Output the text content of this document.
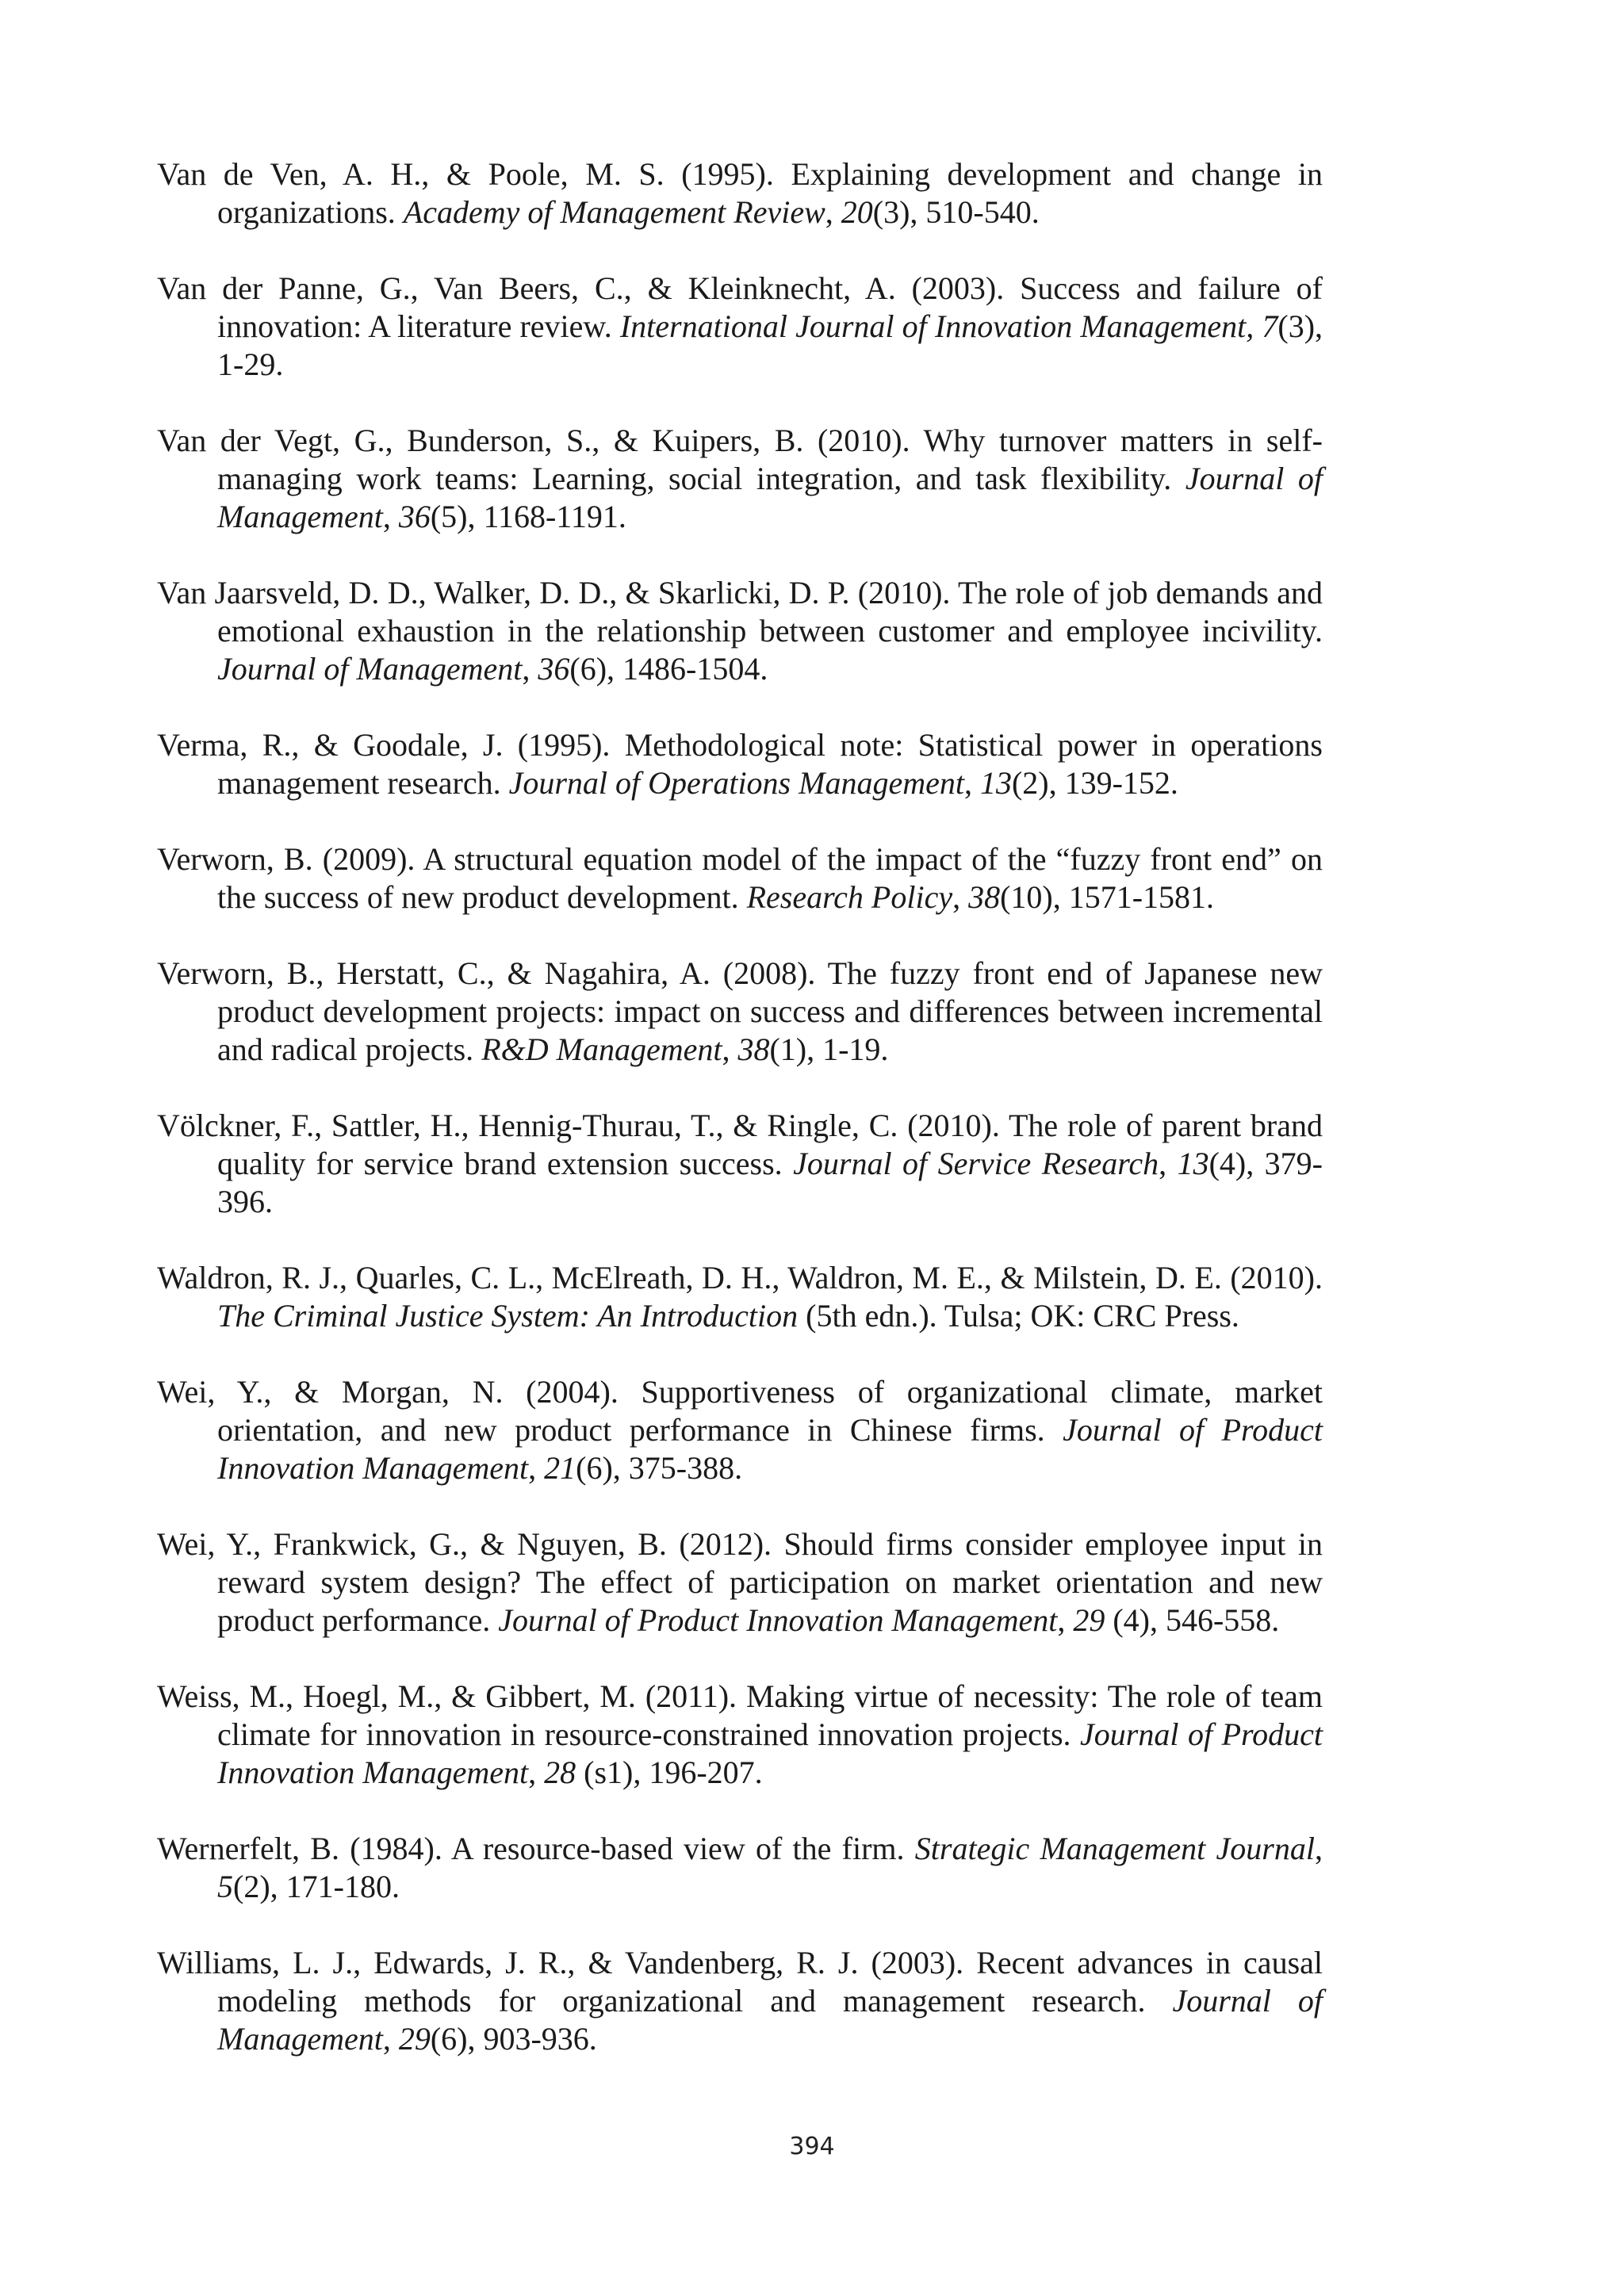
Van de Ven, A. H., & Poole, M. S. (1995). Explaining development and change in organizations. Academy of Management Review, 20(3), 510-540.
Van der Panne, G., Van Beers, C., & Kleinknecht, A. (2003). Success and failure of innovation: A literature review. International Journal of Innovation Management, 7(3), 1-29.
Van der Vegt, G., Bunderson, S., & Kuipers, B. (2010). Why turnover matters in self-managing work teams: Learning, social integration, and task flexibility. Journal of Management, 36(5), 1168-1191.
Van Jaarsveld, D. D., Walker, D. D., & Skarlicki, D. P. (2010). The role of job demands and emotional exhaustion in the relationship between customer and employee incivility. Journal of Management, 36(6), 1486-1504.
Verma, R., & Goodale, J. (1995). Methodological note: Statistical power in operations management research. Journal of Operations Management, 13(2), 139-152.
Verworn, B. (2009). A structural equation model of the impact of the “fuzzy front end” on the success of new product development. Research Policy, 38(10), 1571-1581.
Verworn, B., Herstatt, C., & Nagahira, A. (2008). The fuzzy front end of Japanese new product development projects: impact on success and differences between incremental and radical projects. R&D Management, 38(1), 1-19.
Völckner, F., Sattler, H., Hennig-Thurau, T., & Ringle, C. (2010). The role of parent brand quality for service brand extension success. Journal of Service Research, 13(4), 379-396.
Waldron, R. J., Quarles, C. L., McElreath, D. H., Waldron, M. E., & Milstein, D. E. (2010). The Criminal Justice System: An Introduction (5th edn.). Tulsa; OK: CRC Press.
Wei, Y., & Morgan, N. (2004). Supportiveness of organizational climate, market orientation, and new product performance in Chinese firms. Journal of Product Innovation Management, 21(6), 375-388.
Wei, Y., Frankwick, G., & Nguyen, B. (2012). Should firms consider employee input in reward system design? The effect of participation on market orientation and new product performance. Journal of Product Innovation Management, 29 (4), 546-558.
Weiss, M., Hoegl, M., & Gibbert, M. (2011). Making virtue of necessity: The role of team climate for innovation in resource-constrained innovation projects. Journal of Product Innovation Management, 28 (s1), 196-207.
Wernerfelt, B. (1984). A resource-based view of the firm. Strategic Management Journal, 5(2), 171-180.
Williams, L. J., Edwards, J. R., & Vandenberg, R. J. (2003). Recent advances in causal modeling methods for organizational and management research. Journal of Management, 29(6), 903-936.
394
